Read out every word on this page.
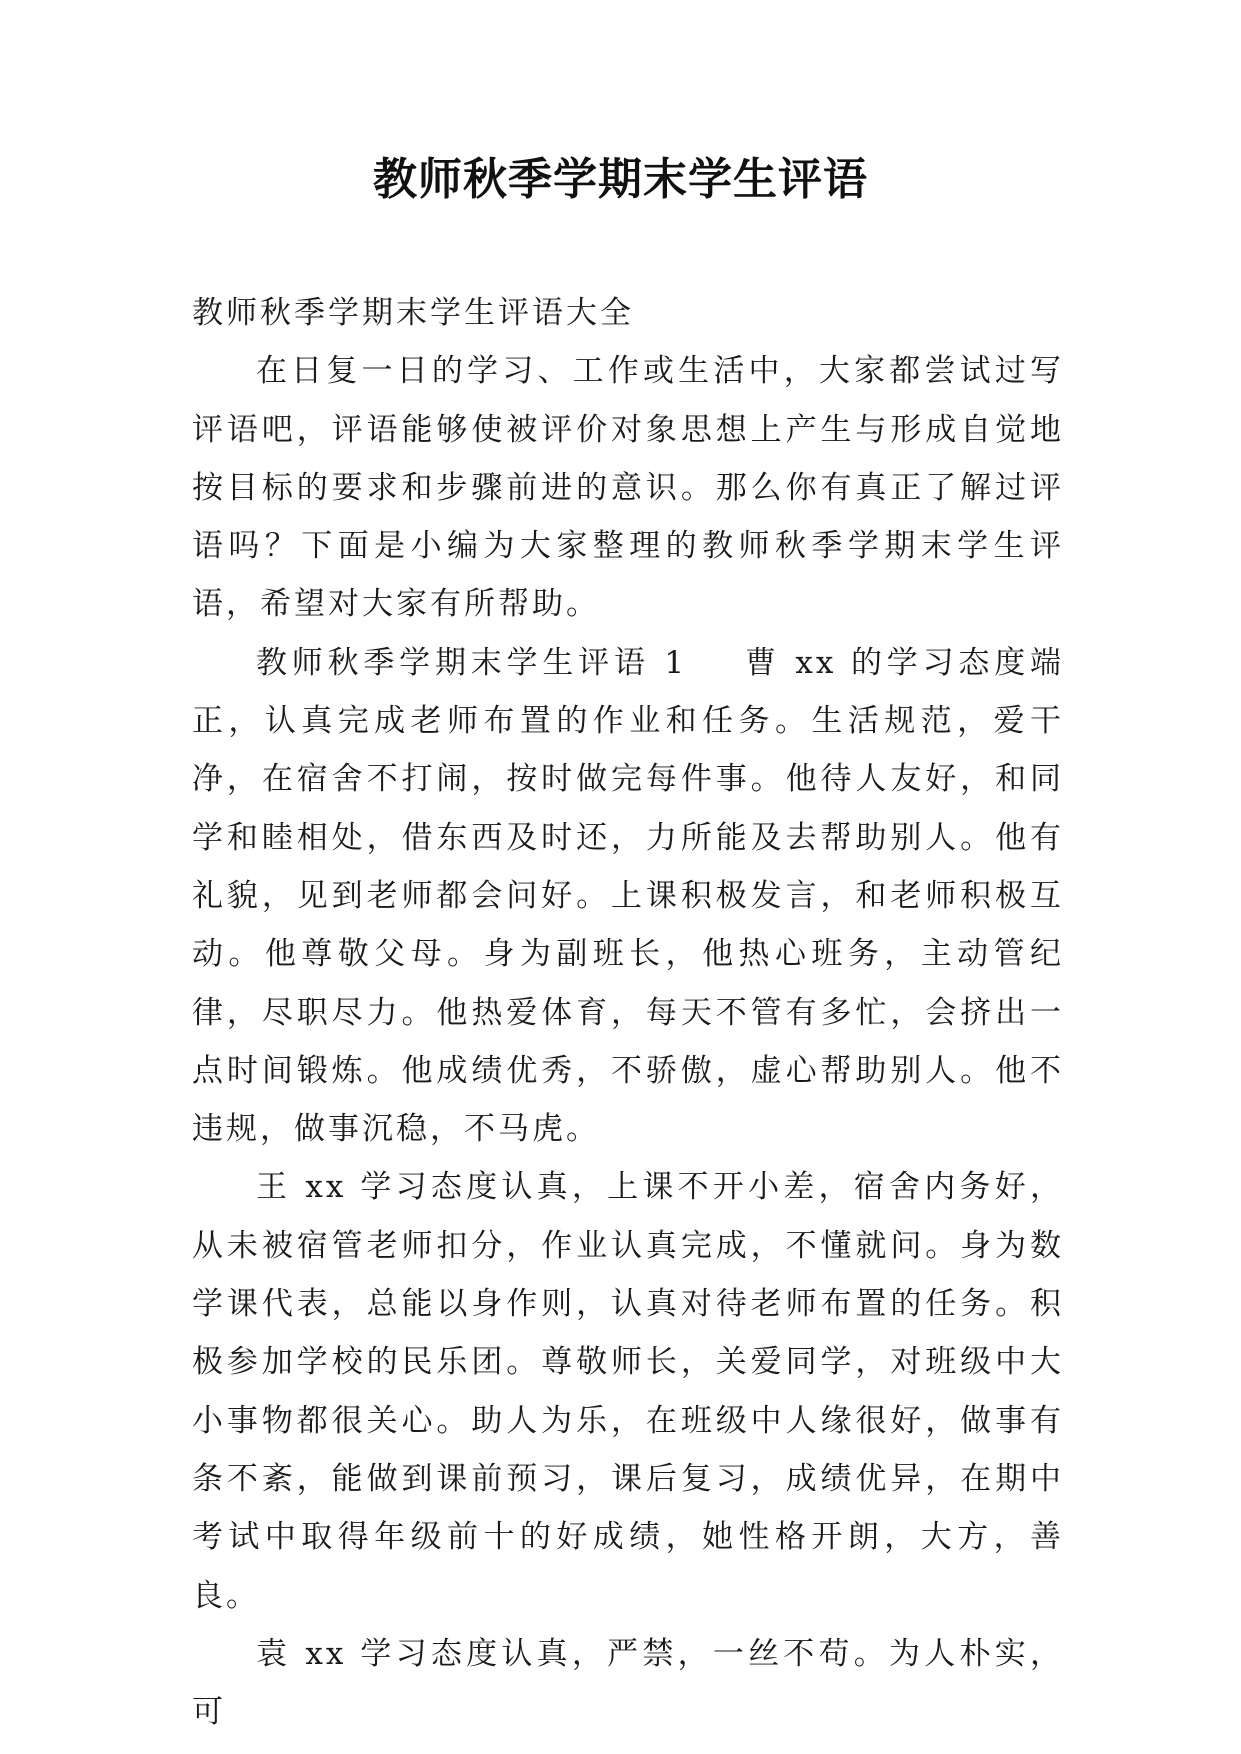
教师秋季学期末学生评语

教师秋季学期末学生评语大全

在日复一日的学习、工作或生活中，大家都尝试过写评语吧，评语能够使被评价对象思想上产生与形成自觉地按目标的要求和步骤前进的意识。那么你有真正了解过评语吗？下面是小编为大家整理的教师秋季学期末学生评语，希望对大家有所帮助。

教师秋季学期末学生评语 1 曹 xx 的学习态度端正，认真完成老师布置的作业和任务。生活规范，爱干净，在宿舍不打闹，按时做完每件事。他待人友好，和同学和睦相处，借东西及时还，力所能及去帮助别人。他有礼貌，见到老师都会问好。上课积极发言，和老师积极互动。他尊敬父母。身为副班长，他热心班务，主动管纪律，尽职尽力。他热爱体育，每天不管有多忙，会挤出一点时间锻炼。他成绩优秀，不骄傲，虚心帮助别人。他不违规，做事沉稳，不马虎。

王 xx 学习态度认真，上课不开小差，宿舍内务好，从未被宿管老师扣分，作业认真完成，不懂就问。身为数学课代表，总能以身作则，认真对待老师布置的任务。积极参加学校的民乐团。尊敬师长，关爱同学，对班级中大小事物都很关心。助人为乐，在班级中人缘很好，做事有条不紊，能做到课前预习，课后复习，成绩优异，在期中考试中取得年级前十的好成绩，她性格开朗，大方，善良。

袁 xx 学习态度认真，严禁，一丝不苟。为人朴实，可
